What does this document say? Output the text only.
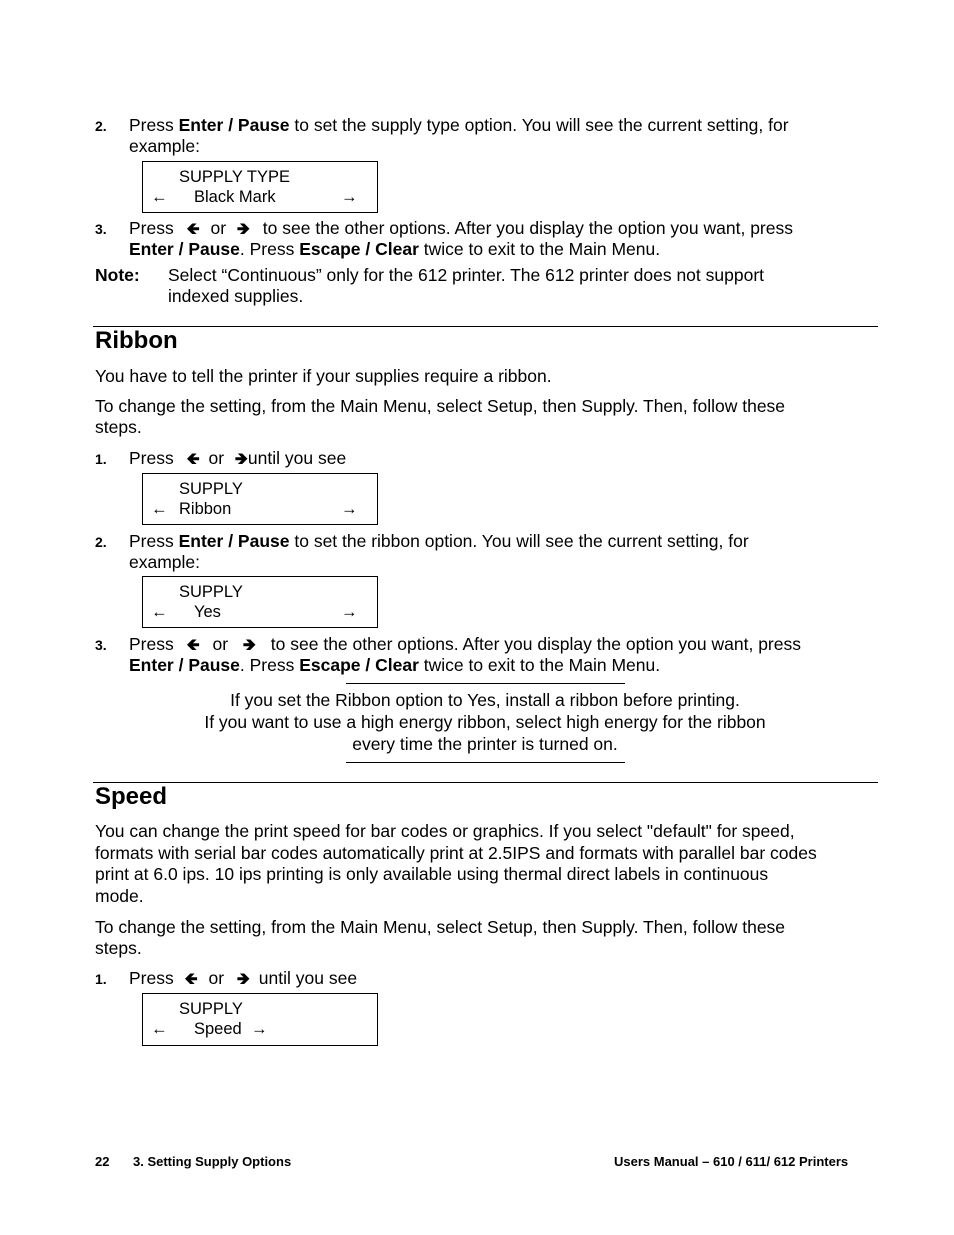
2. Press Enter / Pause to set the supply type option. You will see the current setting, for
example:
SUPPLY TYPE
← Black Mark	→
3. Press 🡸 or 🡺 to see the other options. After you display the option you want, press
Enter / Pause. Press Escape / Clear twice to exit to the Main Menu.
Note: Select “Continuous” only for the 612 printer. The 612 printer does not support
indexed supplies.
Ribbon
You have to tell the printer if your supplies require a ribbon.
To change the setting, from the Main Menu, select Setup, then Supply. Then, follow these
steps.
1. Press 🡸 or 🡺until you see
SUPPLY
← Ribbon	→
2. Press Enter / Pause to set the ribbon option. You will see the current setting, for
example:
SUPPLY
← Yes	→
3. Press 🡸 or 🡺 to see the other options. After you display the option you want, press
Enter / Pause. Press Escape / Clear twice to exit to the Main Menu.
If you set the Ribbon option to Yes, install a ribbon before printing.
If you want to use a high energy ribbon, select high energy for the ribbon
every time the printer is turned on.
Speed
You can change the print speed for bar codes or graphics. If you select "default" for speed,
formats with serial bar codes automatically print at 2.5IPS and formats with parallel bar codes
print at 6.0 ips. 10 ips printing is only available using thermal direct labels in continuous
mode.
To change the setting, from the Main Menu, select Setup, then Supply. Then, follow these
steps.
1. Press 🡸 or 🡺 until you see
SUPPLY
← Speed →
22 3. Setting Supply Options	Users Manual – 610 / 611/ 612 Printers
